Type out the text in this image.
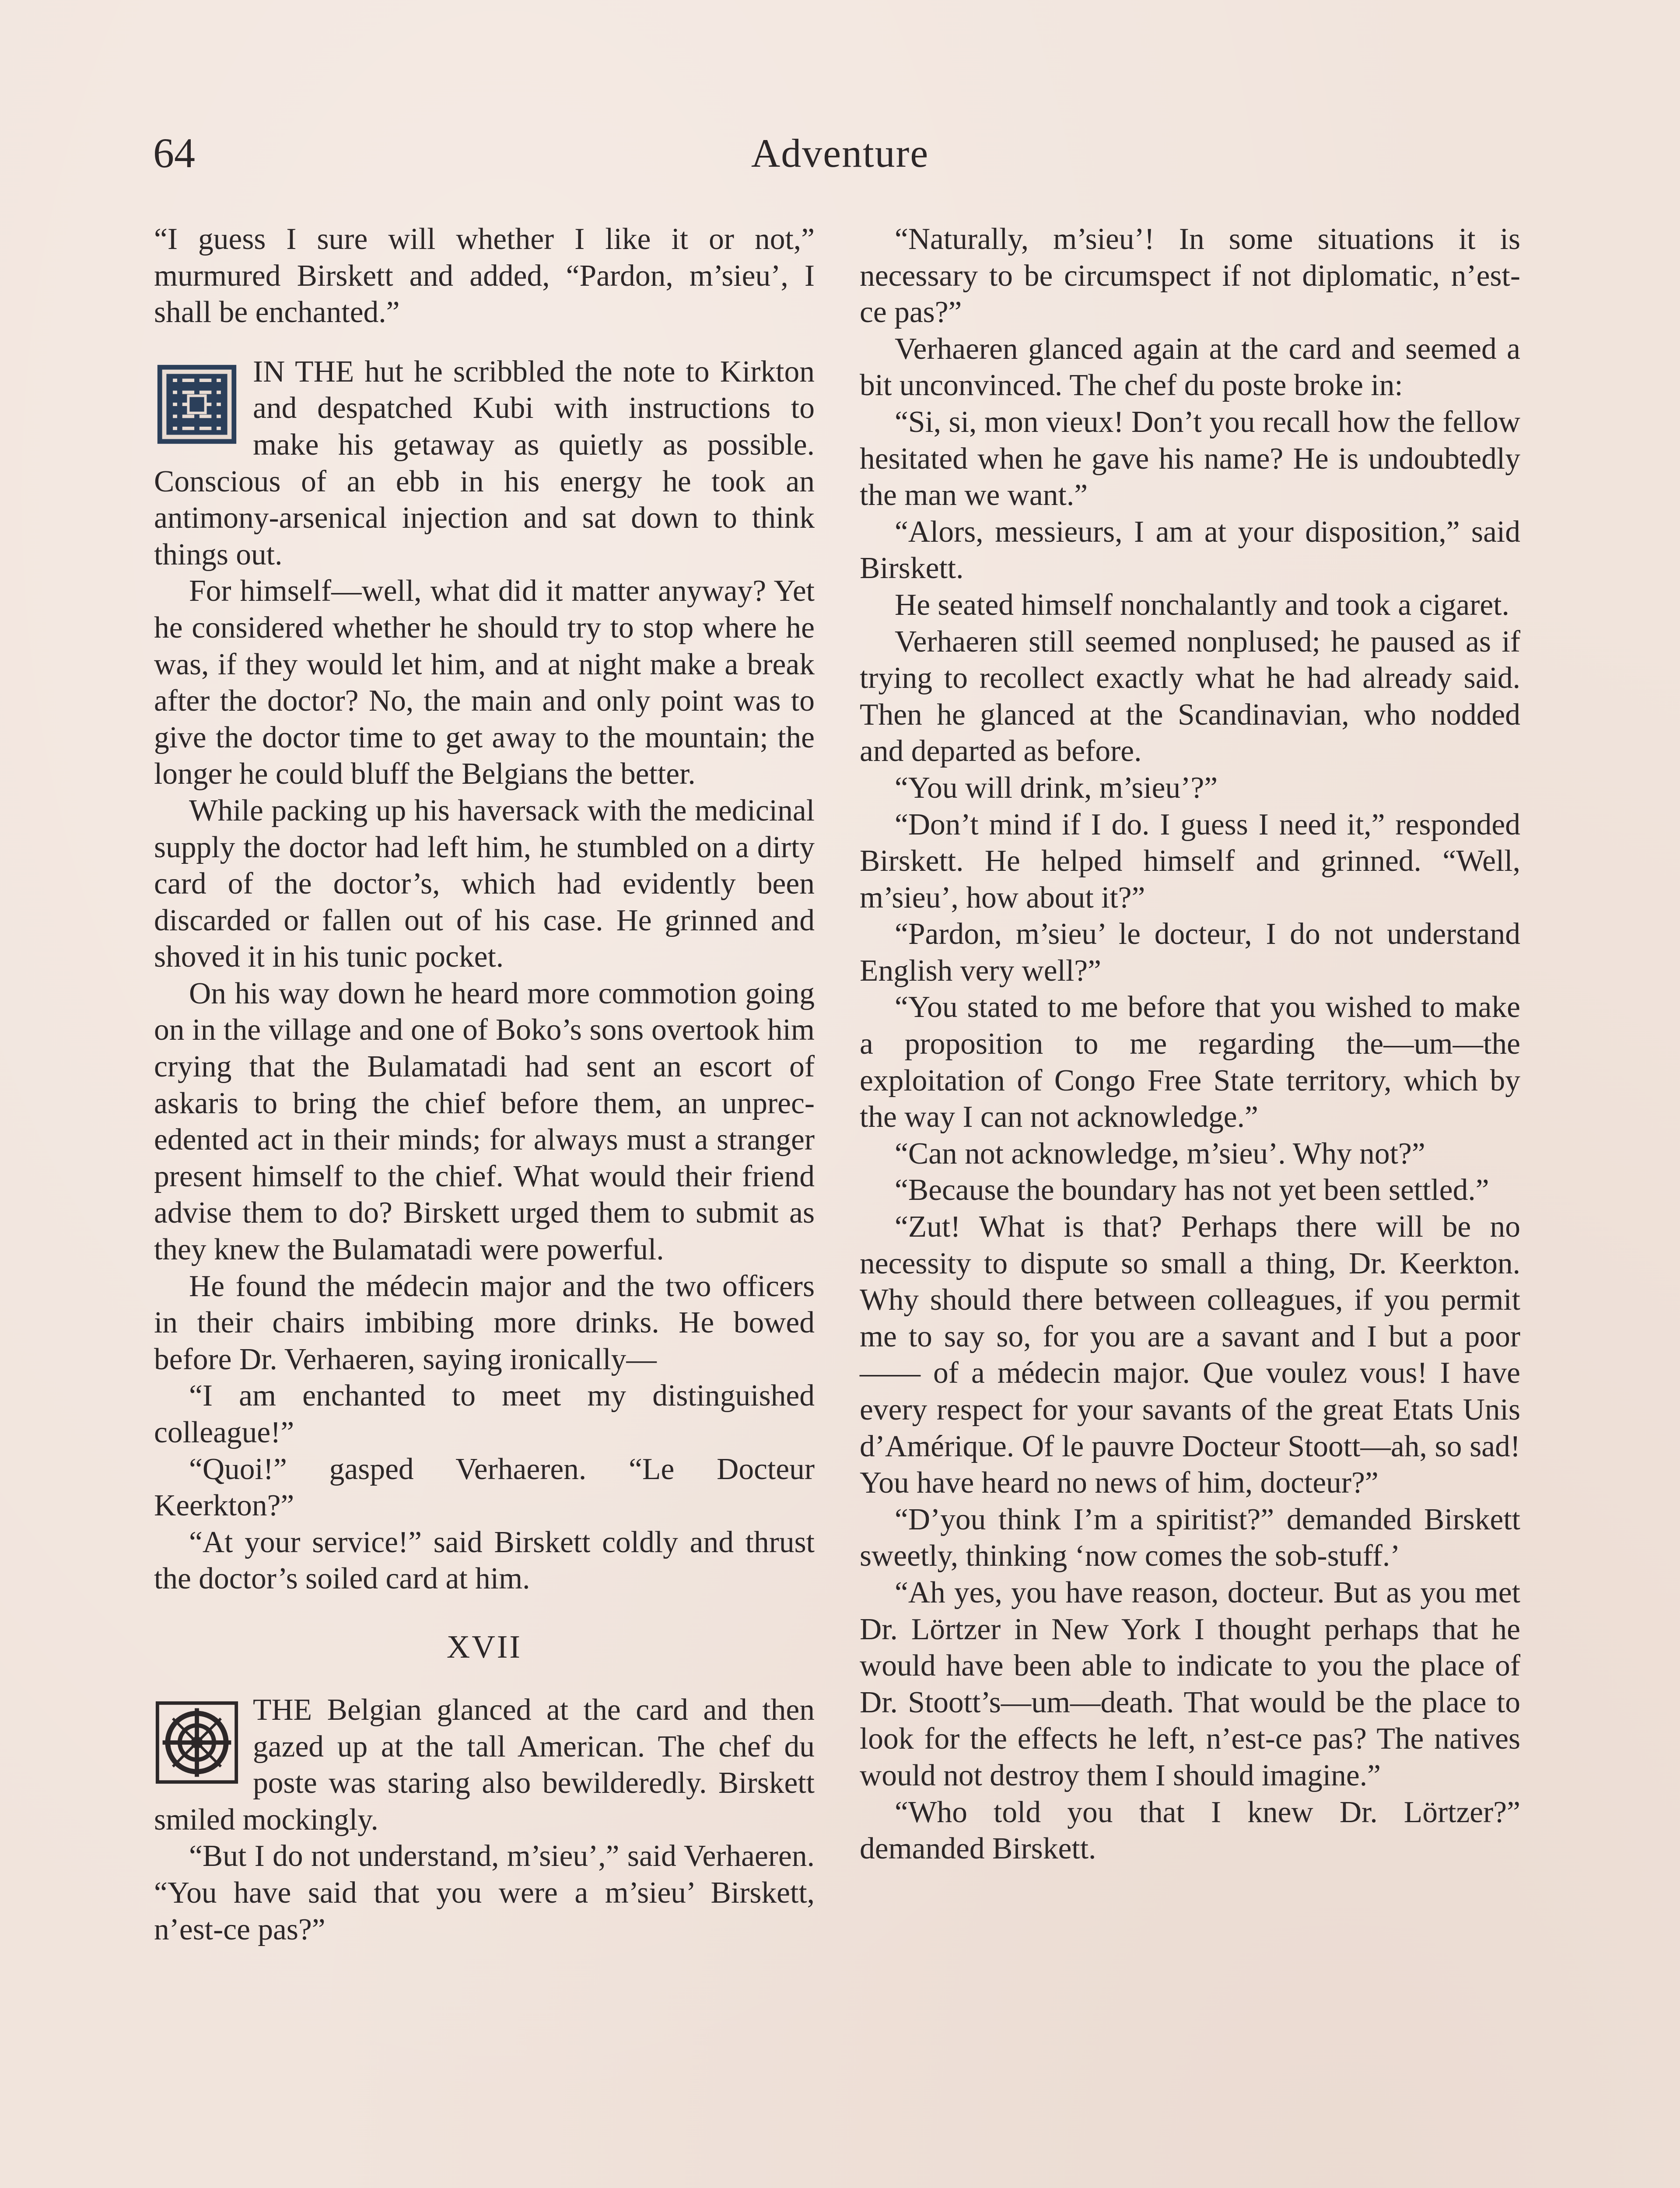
64	Adventure

“I guess I sure will whether I like it or not,” murmured Birskett and added, “Pardon, m’sieu’, I shall be enchanted.”

IN THE hut he scribbled the note to Kirkton and despatched Kubi with instructions to make his getaway as quietly as possible. Conscious of an ebb in his energy he took an antimony-arsenical injection and sat down to think things out.

For himself—well, what did it matter anyway? Yet he considered whether he should try to stop where he was, if they would let him, and at night make a break after the doctor? No, the main and only point was to give the doctor time to get away to the mountain; the longer he could bluff the Belgians the better.

While packing up his haversack with the medicinal supply the doctor had left him, he stumbled on a dirty card of the doctor’s, which had evidently been discarded or fallen out of his case. He grinned and shoved it in his tunic pocket.

On his way down he heard more commotion going on in the village and one of Boko’s sons overtook him crying that the Bulamatadi had sent an escort of askaris to bring the chief before them, an unprecedented act in their minds; for always must a stranger present himself to the chief. What would their friend advise them to do? Birskett urged them to submit as they knew the Bulamatadi were powerful.

He found the médecin major and the two officers in their chairs imbibing more drinks. He bowed before Dr. Verhaeren, saying ironically—

“I am enchanted to meet my distinguished colleague!”

“Quoi!” gasped Verhaeren. “Le Docteur Keerkton?”

“At your service!” said Birskett coldly and thrust the doctor’s soiled card at him.

XVII

THE Belgian glanced at the card and then gazed up at the tall American. The chef du poste was staring also bewilderedly. Birskett smiled mockingly.

“But I do not understand, m’sieu’,” said Verhaeren. “You have said that you were a m’sieu’ Birskett, n’est-ce pas?”

“Naturally, m’sieu’! In some situations it is necessary to be circumspect if not diplomatic, n’est-ce pas?”

Verhaeren glanced again at the card and seemed a bit unconvinced. The chef du poste broke in:

“Si, si, mon vieux! Don’t you recall how the fellow hesitated when he gave his name? He is undoubtedly the man we want.”

“Alors, messieurs, I am at your disposition,” said Birskett.

He seated himself nonchalantly and took a cigaret.

Verhaeren still seemed nonplused; he paused as if trying to recollect exactly what he had already said. Then he glanced at the Scandinavian, who nodded and departed as before.

“You will drink, m’sieu’?”

“Don’t mind if I do. I guess I need it,” responded Birskett. He helped himself and grinned. “Well, m’sieu’, how about it?”

“Pardon, m’sieu’ le docteur, I do not understand English very well?”

“You stated to me before that you wished to make a proposition to me regarding the—um—the exploitation of Congo Free State territory, which by the way I can not acknowledge.”

“Can not acknowledge, m’sieu’. Why not?”

“Because the boundary has not yet been settled.”

“Zut! What is that? Perhaps there will be no necessity to dispute so small a thing, Dr. Keerkton. Why should there between colleagues, if you permit me to say so, for you are a savant and I but a poor —— of a médecin major. Que voulez vous! I have every respect for your savants of the great Etats Unis d’Amérique. Of le pauvre Docteur Stoott—ah, so sad! You have heard no news of him, docteur?”

“D’you think I’m a spiritist?” demanded Birskett sweetly, thinking ‘now comes the sob-stuff.’

“Ah yes, you have reason, docteur. But as you met Dr. Lörtzer in New York I thought perhaps that he would have been able to indicate to you the place of Dr. Stoott’s—um—death. That would be the place to look for the effects he left, n’est-ce pas? The natives would not destroy them I should imagine.”

“Who told you that I knew Dr. Lörtzer?” demanded Birskett.
